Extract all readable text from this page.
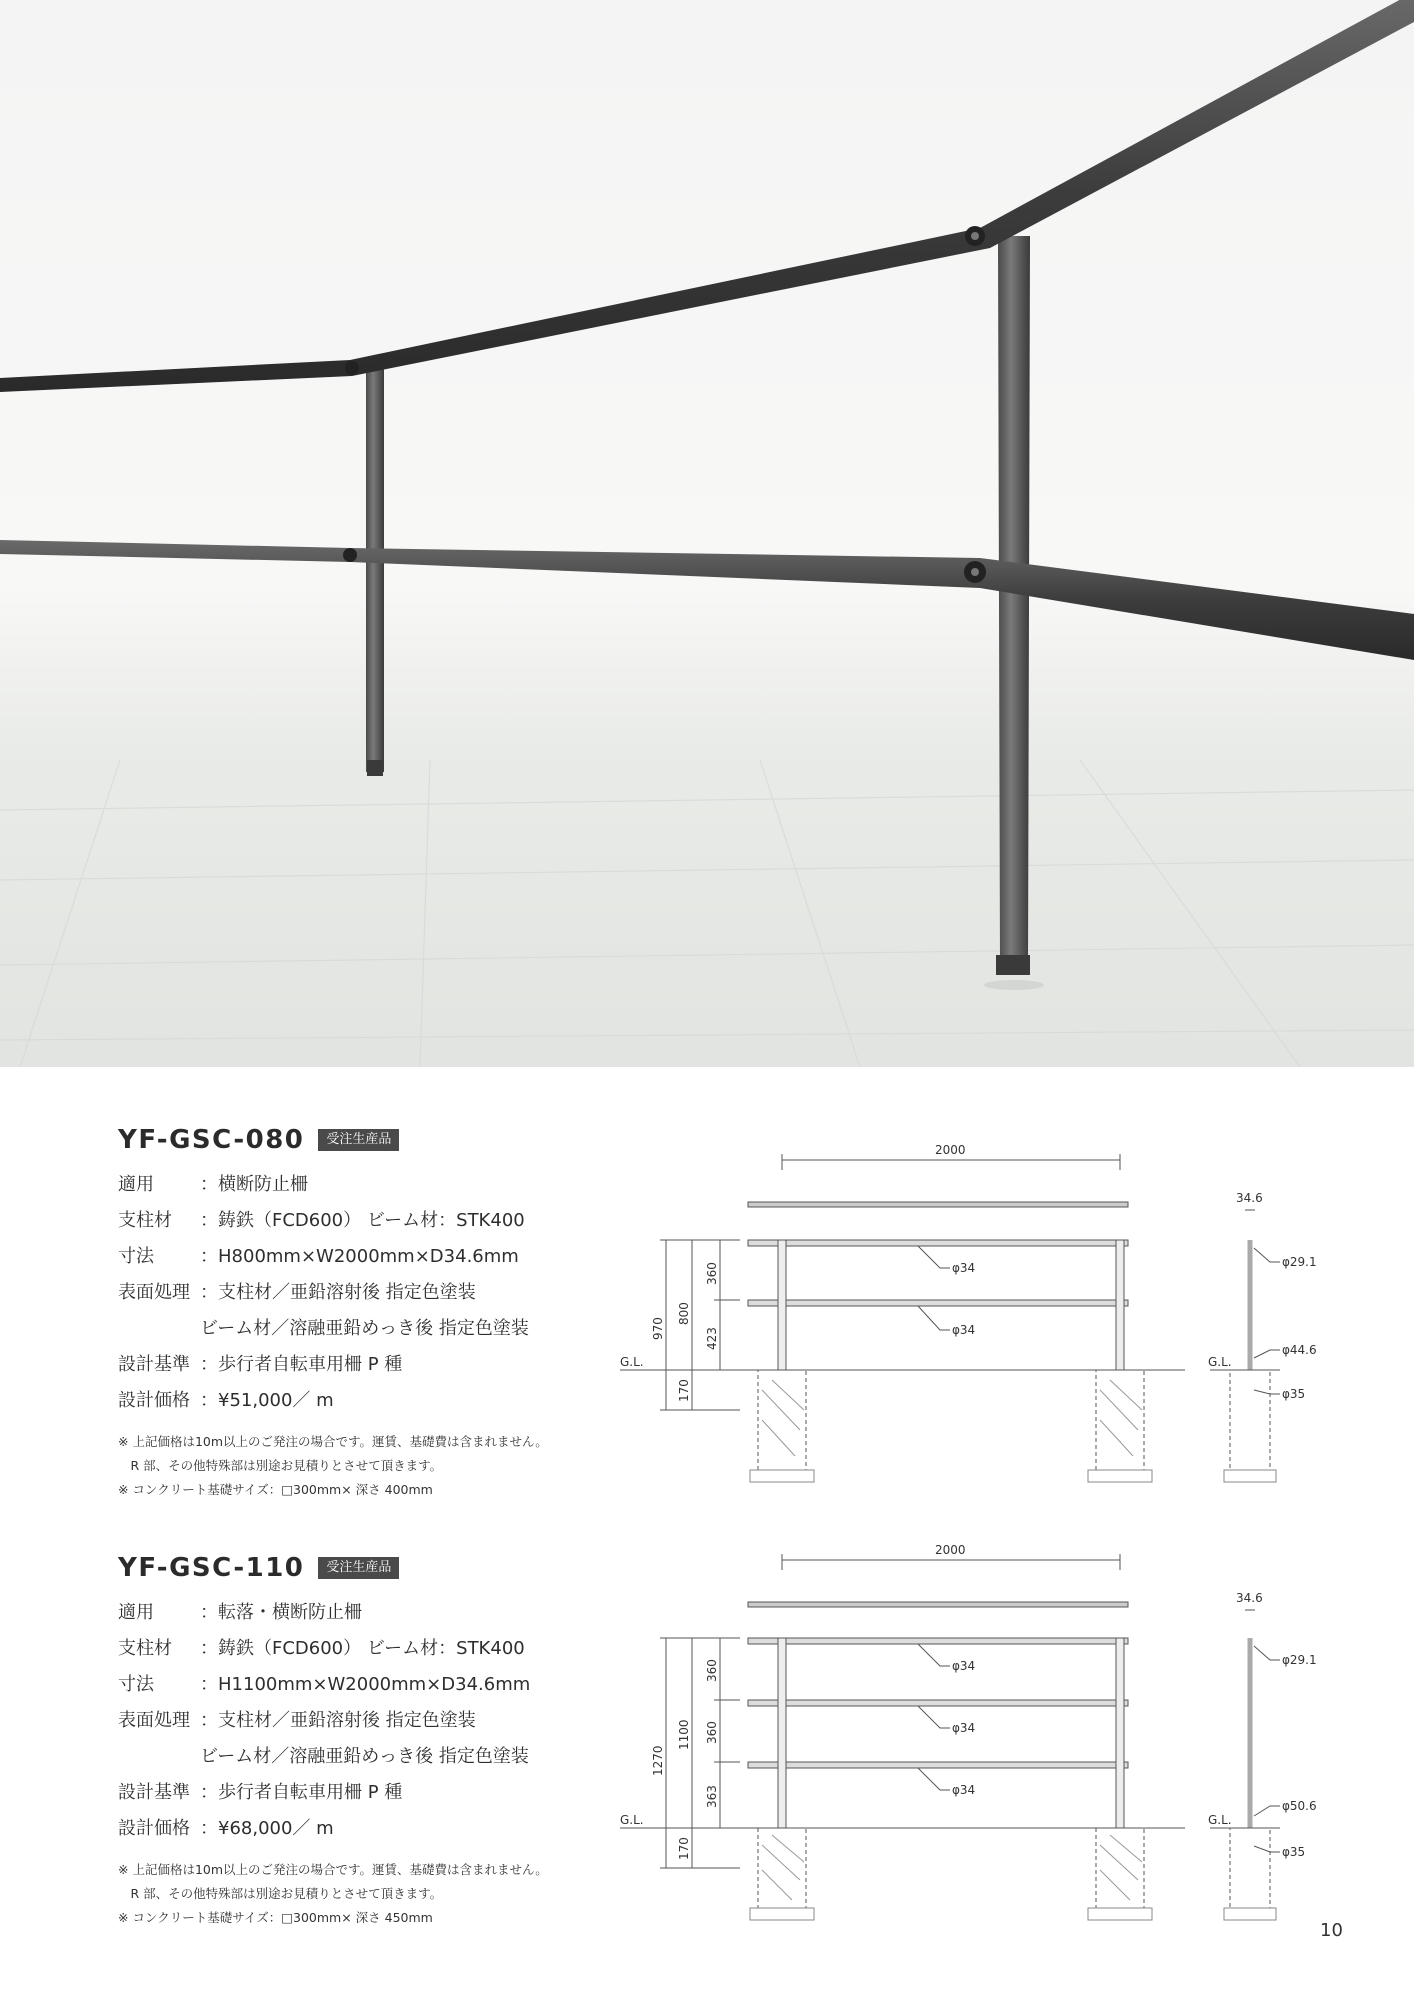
YF-GSC-080	受注生産品
適用	：横断防止柵
支柱材 ：鋳鉄（FCD600） ビーム材：STK400
寸法	：H800mm×W2000mm×D34.6mm
表面処理 ：支柱材／亜鉛溶射後 指定色塗装
ビーム材／溶融亜鉛めっき後 指定色塗装
設計基準 ：歩行者自転車用柵 P 種
設計価格 ：¥51,000／ m
※ 上記価格は10m以上のご発注の場合です。運賃、基礎費は含まれません。
　R 部、その他特殊部は別途お見積りとさせて頂きます。
※ コンクリート基礎サイズ：□300mm× 深さ 400mm
2000
34.6
G.L.	G.L.
970
800
360
423
170
φ34
φ34
φ29.1
φ44.6
φ35
YF-GSC-110	受注生産品
適用	：転落・横断防止柵
支柱材 ：鋳鉄（FCD600） ビーム材：STK400
寸法	：H1100mm×W2000mm×D34.6mm
表面処理 ：支柱材／亜鉛溶射後 指定色塗装
ビーム材／溶融亜鉛めっき後 指定色塗装
設計基準 ：歩行者自転車用柵 P 種
設計価格 ：¥68,000／ m
※ 上記価格は10m以上のご発注の場合です。運賃、基礎費は含まれません。
　R 部、その他特殊部は別途お見積りとさせて頂きます。
※ コンクリート基礎サイズ：□300mm× 深さ 450mm
2000
34.6
G.L.	G.L.
1270
1100
360
360
363
170
φ34
φ34
φ34
φ29.1
φ50.6
φ35
10
